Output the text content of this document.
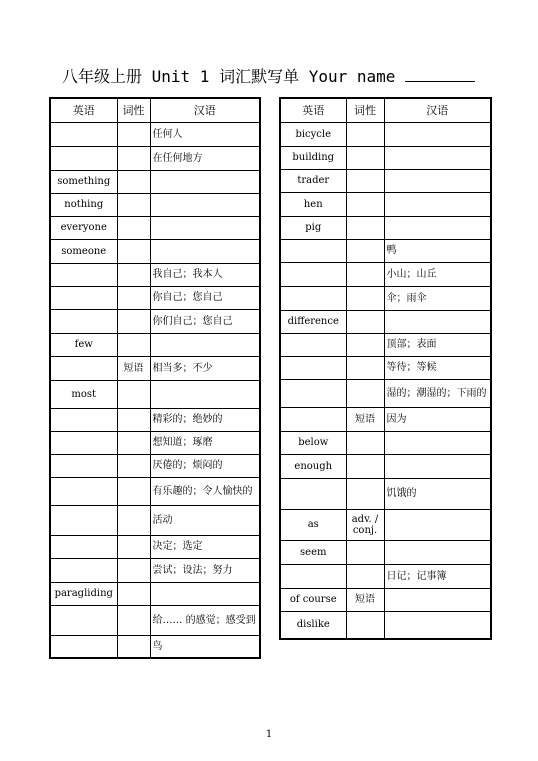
八年级上册 Unit 1 词汇默写单 Your name
英语	词性	汉语
		任何人
		在任何地方
something		
nothing		
everyone		
someone		
		我自己；我本人
		你自己；您自己
		你们自己；您自己
few		
	短语	相当多；不少
most		
		精彩的；绝妙的
		想知道；琢磨
		厌倦的；烦闷的
		有乐趣的；令人愉快的
		活动
		决定；选定
		尝试；设法；努力
paragliding		
		给…… 的感觉；感受到
		鸟
英语	词性	汉语
bicycle		
building		
trader		
hen		
pig		
		鸭
		小山；山丘
		伞；雨伞
difference		
		顶部；表面
		等待；等候
		湿的；潮湿的；下雨的
	短语	因为
below		
enough		
		饥饿的
as	adv. / conj.	
seem		
		日记；记事簿
of course	短语	
dislike		
1
